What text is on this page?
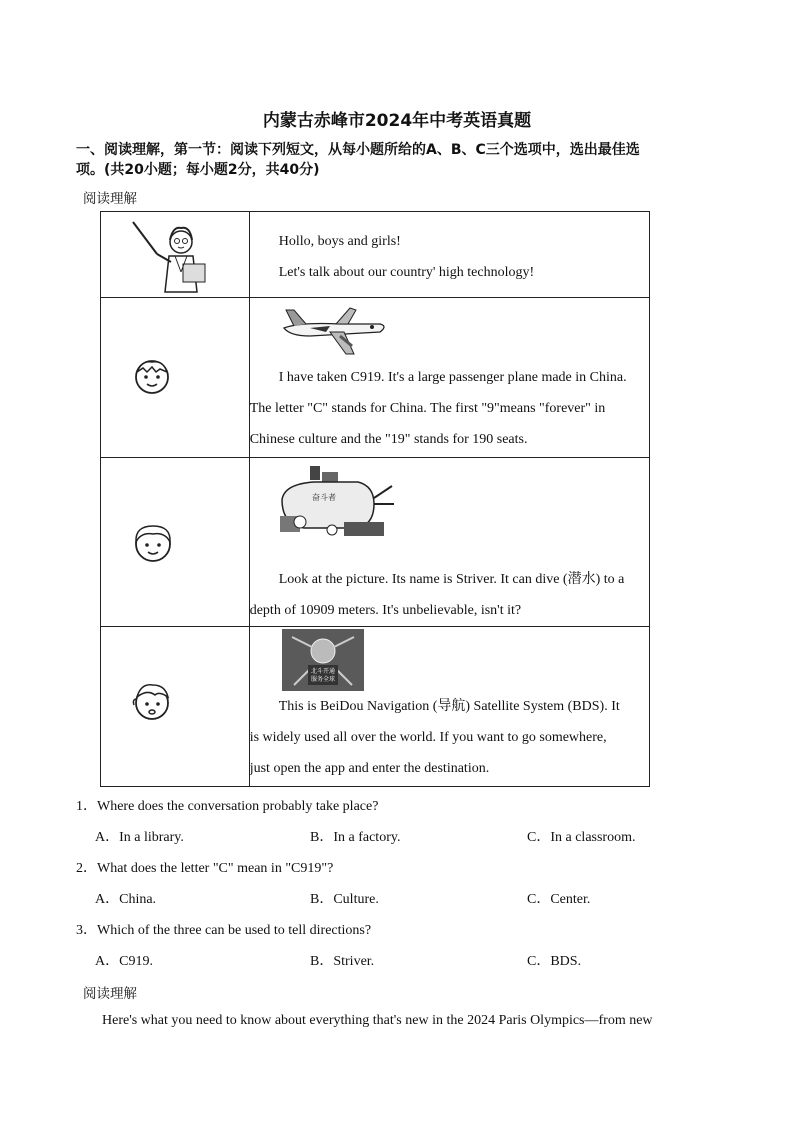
内蒙古赤峰市2024年中考英语真题
一、阅读理解，第一节：阅读下列短文，从每小题所给的A、B、C三个选项中，选出最佳选
项。(共20小题；每小题2分，共40分)
阅读理解

Hollo, boys and girls!
Let's talk about our country' high technology!

I have taken C919. It's a large passenger plane made in China.
The letter "C" stands for China. The first "9"means "forever" in
Chinese culture and the "19" stands for 190 seats.

奋斗者
Look at the picture. Its name is Striver. It can dive (潜水) to a
depth of 10909 meters. It's unbelievable, isn't it?

北斗开通
服务全球
This is BeiDou Navigation (导航) Satellite System (BDS). It
is widely used all over the world. If you want to go somewhere,
just open the app and enter the destination.
1．Where does the conversation probably take place?
A．In a library.	B．In a factory.	C．In a classroom.
2．What does the letter "C" mean in "C919"?
A．China.	B．Culture.	C．Center.
3．Which of the three can be used to tell directions?
A．C919.	B．Striver.	C．BDS.
阅读理解
Here's what you need to know about everything that's new in the 2024 Paris Olympics—from new
